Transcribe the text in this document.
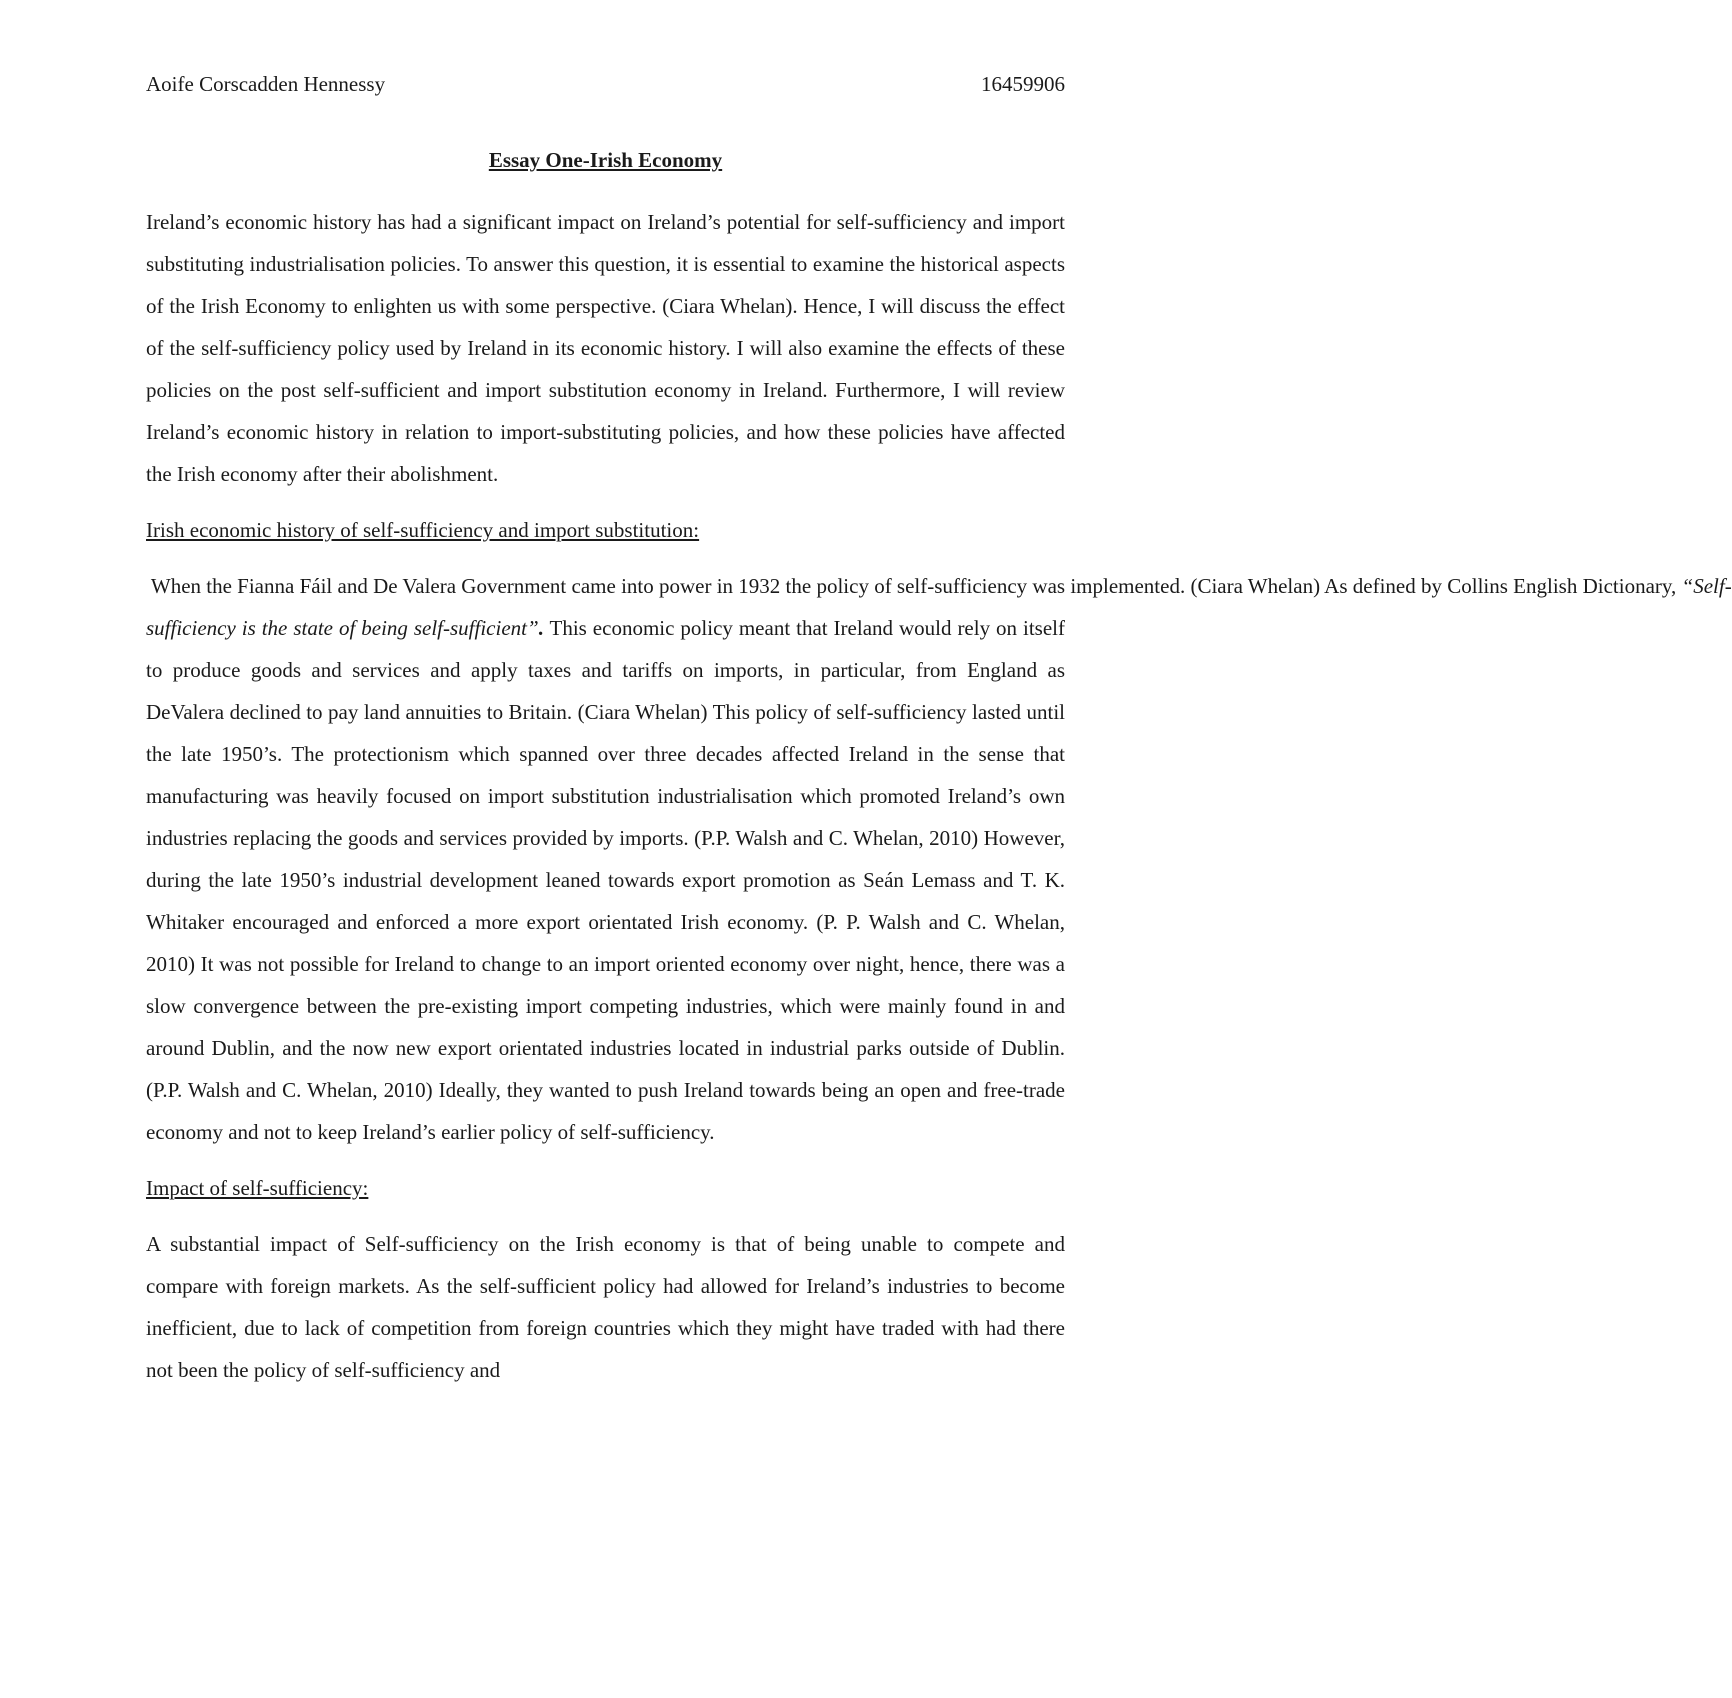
Aoife Corscadden Hennessy	16459906
Essay One-Irish Economy

Ireland’s economic history has had a significant impact on Ireland’s potential for self-sufficiency and import substituting industrialisation policies. To answer this question, it is essential to examine the historical aspects of the Irish Economy to enlighten us with some perspective. (Ciara Whelan). Hence, I will discuss the effect of the self-sufficiency policy used by Ireland in its economic history. I will also examine the effects of these policies on the post self-sufficient and import substitution economy in Ireland. Furthermore, I will review Ireland’s economic history in relation to import-substituting policies, and how these policies have affected the Irish economy after their abolishment.

Irish economic history of self-sufficiency and import substitution:

When the Fianna Fáil and De Valera Government came into power in 1932 the policy of self-sufficiency was implemented. (Ciara Whelan) As defined by Collins English Dictionary, “Self-sufficiency is the state of being self-sufficient”. This economic policy meant that Ireland would rely on itself to produce goods and services and apply taxes and tariffs on imports, in particular, from England as DeValera declined to pay land annuities to Britain. (Ciara Whelan) This policy of self-sufficiency lasted until the late 1950’s. The protectionism which spanned over three decades affected Ireland in the sense that manufacturing was heavily focused on import substitution industrialisation which promoted Ireland’s own industries replacing the goods and services provided by imports. (P.P. Walsh and C. Whelan, 2010) However, during the late 1950’s industrial development leaned towards export promotion as Seán Lemass and T. K. Whitaker encouraged and enforced a more export orientated Irish economy. (P. P. Walsh and C. Whelan, 2010) It was not possible for Ireland to change to an import oriented economy over night, hence, there was a slow convergence between the pre-existing import competing industries, which were mainly found in and around Dublin, and the now new export orientated industries located in industrial parks outside of Dublin. (P.P. Walsh and C. Whelan, 2010) Ideally, they wanted to push Ireland towards being an open and free-trade economy and not to keep Ireland’s earlier policy of self-sufficiency.

Impact of self-sufficiency:

A substantial impact of Self-sufficiency on the Irish economy is that of being unable to compete and compare with foreign markets. As the self-sufficient policy had allowed for Ireland’s industries to become inefficient, due to lack of competition from foreign countries which they might have traded with had there not been the policy of self-sufficiency and
